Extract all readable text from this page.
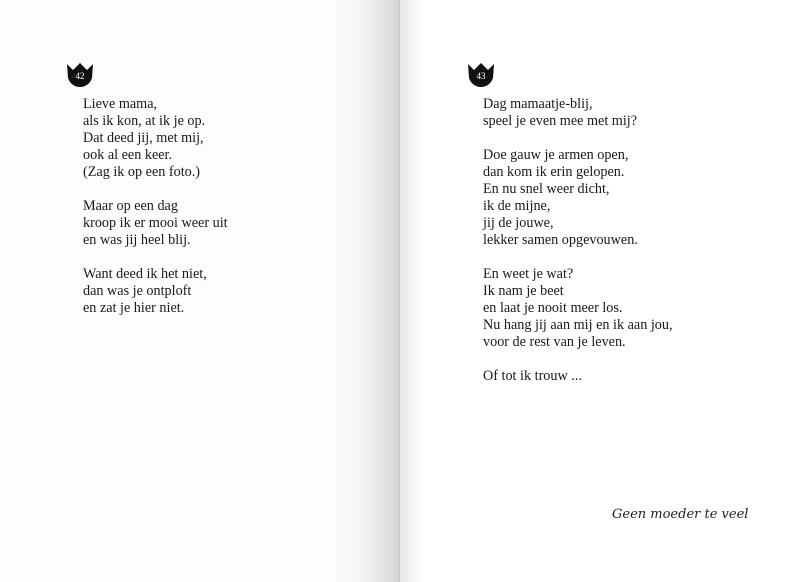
42
Lieve mama,
als ik kon, at ik je op.
Dat deed jij, met mij,
ook al een keer.
(Zag ik op een foto.)
Maar op een dag
kroop ik er mooi weer uit
en was jij heel blij.
Want deed ik het niet,
dan was je ontploft
en zat je hier niet.
43
Dag mamaatje-blij,
speel je even mee met mij?
Doe gauw je armen open,
dan kom ik erin gelopen.
En nu snel weer dicht,
ik de mijne,
jij de jouwe,
lekker samen opgevouwen.
En weet je wat?
Ik nam je beet
en laat je nooit meer los.
Nu hang jij aan mij en ik aan jou,
voor de rest van je leven.
Of tot ik trouw ...
Geen moeder te veel
